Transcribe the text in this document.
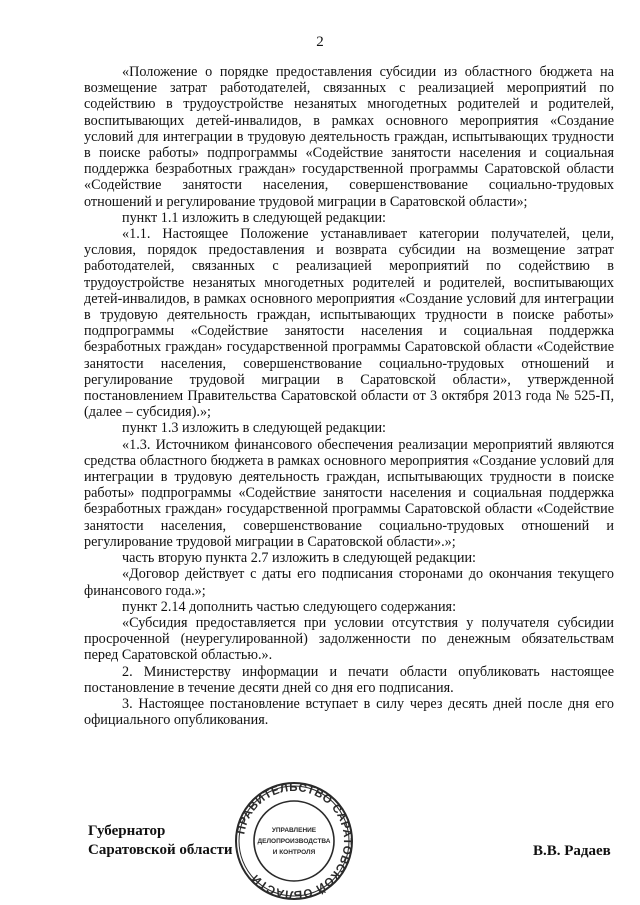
2

«Положение о порядке предоставления субсидии из областного бюджета на возмещение затрат работодателей, связанных с реализацией мероприятий по содействию в трудоустройстве незанятых многодетных родителей и родителей, воспитывающих детей-инвалидов, в рамках основного мероприятия «Создание условий для интеграции в трудовую деятельность граждан, испытывающих трудности в поиске работы» подпрограммы «Содействие занятости населения и социальная поддержка безработных граждан» государственной программы Саратовской области «Содействие занятости населения, совершенствование социально-трудовых отношений и регулирование трудовой миграции в Саратовской области»;

пункт 1.1 изложить в следующей редакции:

«1.1. Настоящее Положение устанавливает категории получателей, цели, условия, порядок предоставления и возврата субсидии на возмещение затрат работодателей, связанных с реализацией мероприятий по содействию в трудоустройстве незанятых многодетных родителей и родителей, воспитывающих детей-инвалидов, в рамках основного мероприятия «Создание условий для интеграции в трудовую деятельность граждан, испытывающих трудности в поиске работы» подпрограммы «Содействие занятости населения и социальная поддержка безработных граждан» государственной программы Саратовской области «Содействие занятости населения, совершенствование социально-трудовых отношений и регулирование трудовой миграции в Саратовской области», утвержденной постановлением Правительства Саратовской области от 3 октября 2013 года № 525-П, (далее – субсидия).»;

пункт 1.3 изложить в следующей редакции:

«1.3. Источником финансового обеспечения реализации мероприятий являются средства областного бюджета в рамках основного мероприятия «Создание условий для интеграции в трудовую деятельность граждан, испытывающих трудности в поиске работы» подпрограммы «Содействие занятости населения и социальная поддержка безработных граждан» государственной программы Саратовской области «Содействие занятости населения, совершенствование социально-трудовых отношений и регулирование трудовой миграции в Саратовской области».»;

часть вторую пункта 2.7 изложить в следующей редакции:

«Договор действует с даты его подписания сторонами до окончания текущего финансового года.»;

пункт 2.14 дополнить частью следующего содержания:

«Субсидия предоставляется при условии отсутствия у получателя субсидии просроченной (неурегулированной) задолженности по денежным обязательствам перед Саратовской областью.».

2. Министерству информации и печати области опубликовать настоящее постановление в течение десяти дней со дня его подписания.

3. Настоящее постановление вступает в силу через десять дней после дня его официального опубликования.

Губернатор
Саратовской области	В.В. Радаев
ПРАВИТЕЛЬСТВО САРАТОВСКОЙ ОБЛАСТИ
УПРАВЛЕНИЕ
ДЕЛОПРОИЗВОДСТВА
И КОНТРОЛЯ
